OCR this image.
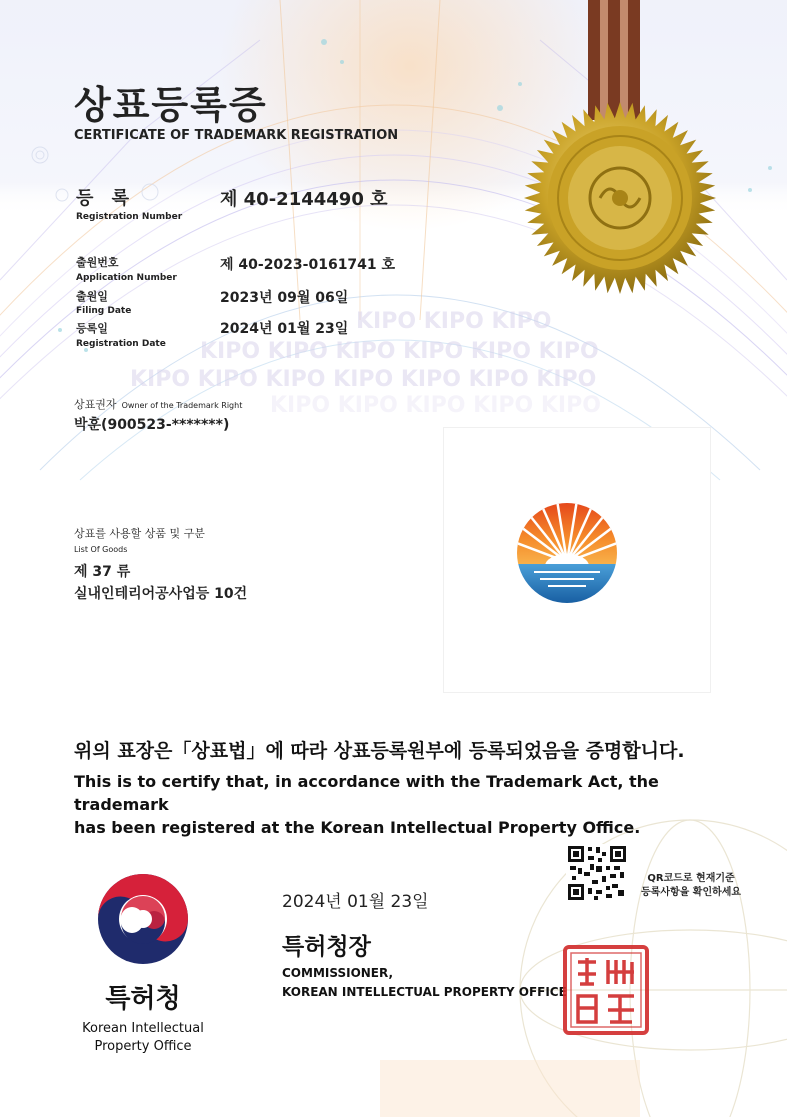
KIPO KIPO KIPO
KIPO KIPO KIPO KIPO KIPO KIPO
KIPO KIPO KIPO KIPO KIPO KIPO KIPO
KIPO KIPO KIPO KIPO KIPO
상표등록증
CERTIFICATE OF TRADEMARK REGISTRATION
등 록
Registration Number
제 40-2144490 호
출원번호
Application Number
제 40-2023-0161741 호
출원일
Filing Date
2023년 09월 06일
등록일
Registration Date
2024년 01월 23일
상표권자 Owner of the Trademark Right
박훈(900523-*******)
상표를 사용할 상품 및 구분
List Of Goods
제 37 류
실내인테리어공사업등 10건
위의 표장은「상표법」에 따라 상표등록원부에 등록되었음을 증명합니다.
This is to certify that, in accordance with the Trademark Act, the trademark
has been registered at the Korean Intellectual Property Office.
특허청
Korean Intellectual
Property Office
2024년 01월 23일
특허청장
COMMISSIONER,
KOREAN INTELLECTUAL PROPERTY OFFICE
QR코드로 현재기준
등록사항을 확인하세요
